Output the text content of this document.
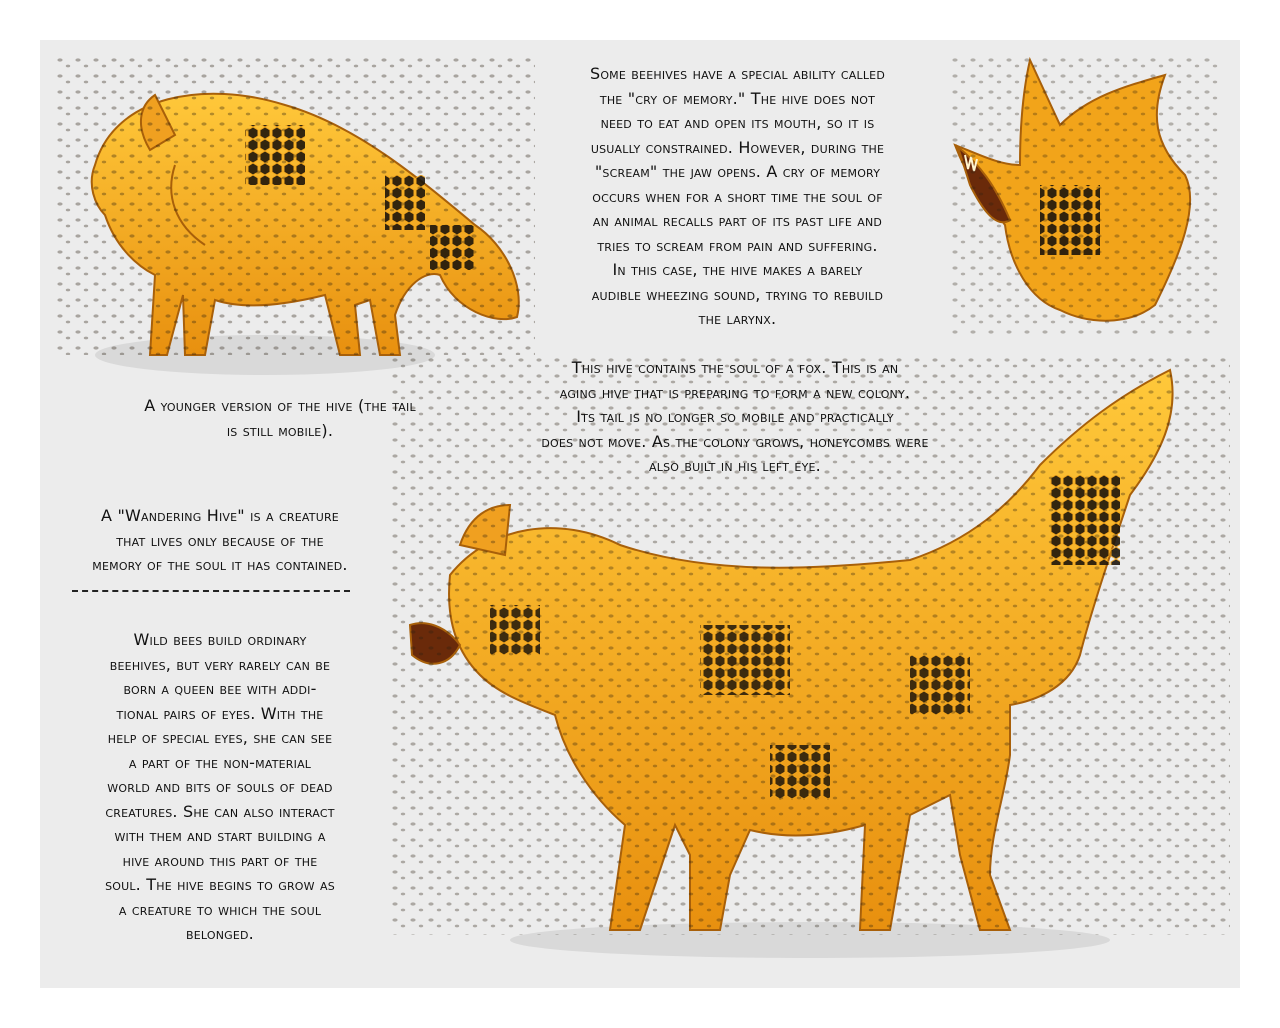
Some beehives have a special ability called
the "cry of memory." The hive does not
need to eat and open its mouth, so it is
usually constrained. However, during the
"scream" the jaw opens. A cry of memory
occurs when for a short time the soul of
an animal recalls part of its past life and
tries to scream from pain and suffering.
In this case, the hive makes a barely
audible wheezing sound, trying to rebuild
the larynx.
This hive contains the soul of a fox. This is an
aging hive that is preparing to form a new colony.
Its tail is no longer so mobile and practically
does not move. As the colony grows, honeycombs were
also built in his left eye.
A younger version of the hive (the tail
is still mobile).
A "Wandering Hive" is a creature
that lives only because of the
memory of the soul it has contained.
Wild bees build ordinary
beehives, but very rarely can be
born a queen bee with addi-
tional pairs of eyes. With the
help of special eyes, she can see
a part of the non-material
world and bits of souls of dead
creatures. She can also interact
with them and start building a
hive around this part of the
soul. The hive begins to grow as
a creature to which the soul
belonged.
